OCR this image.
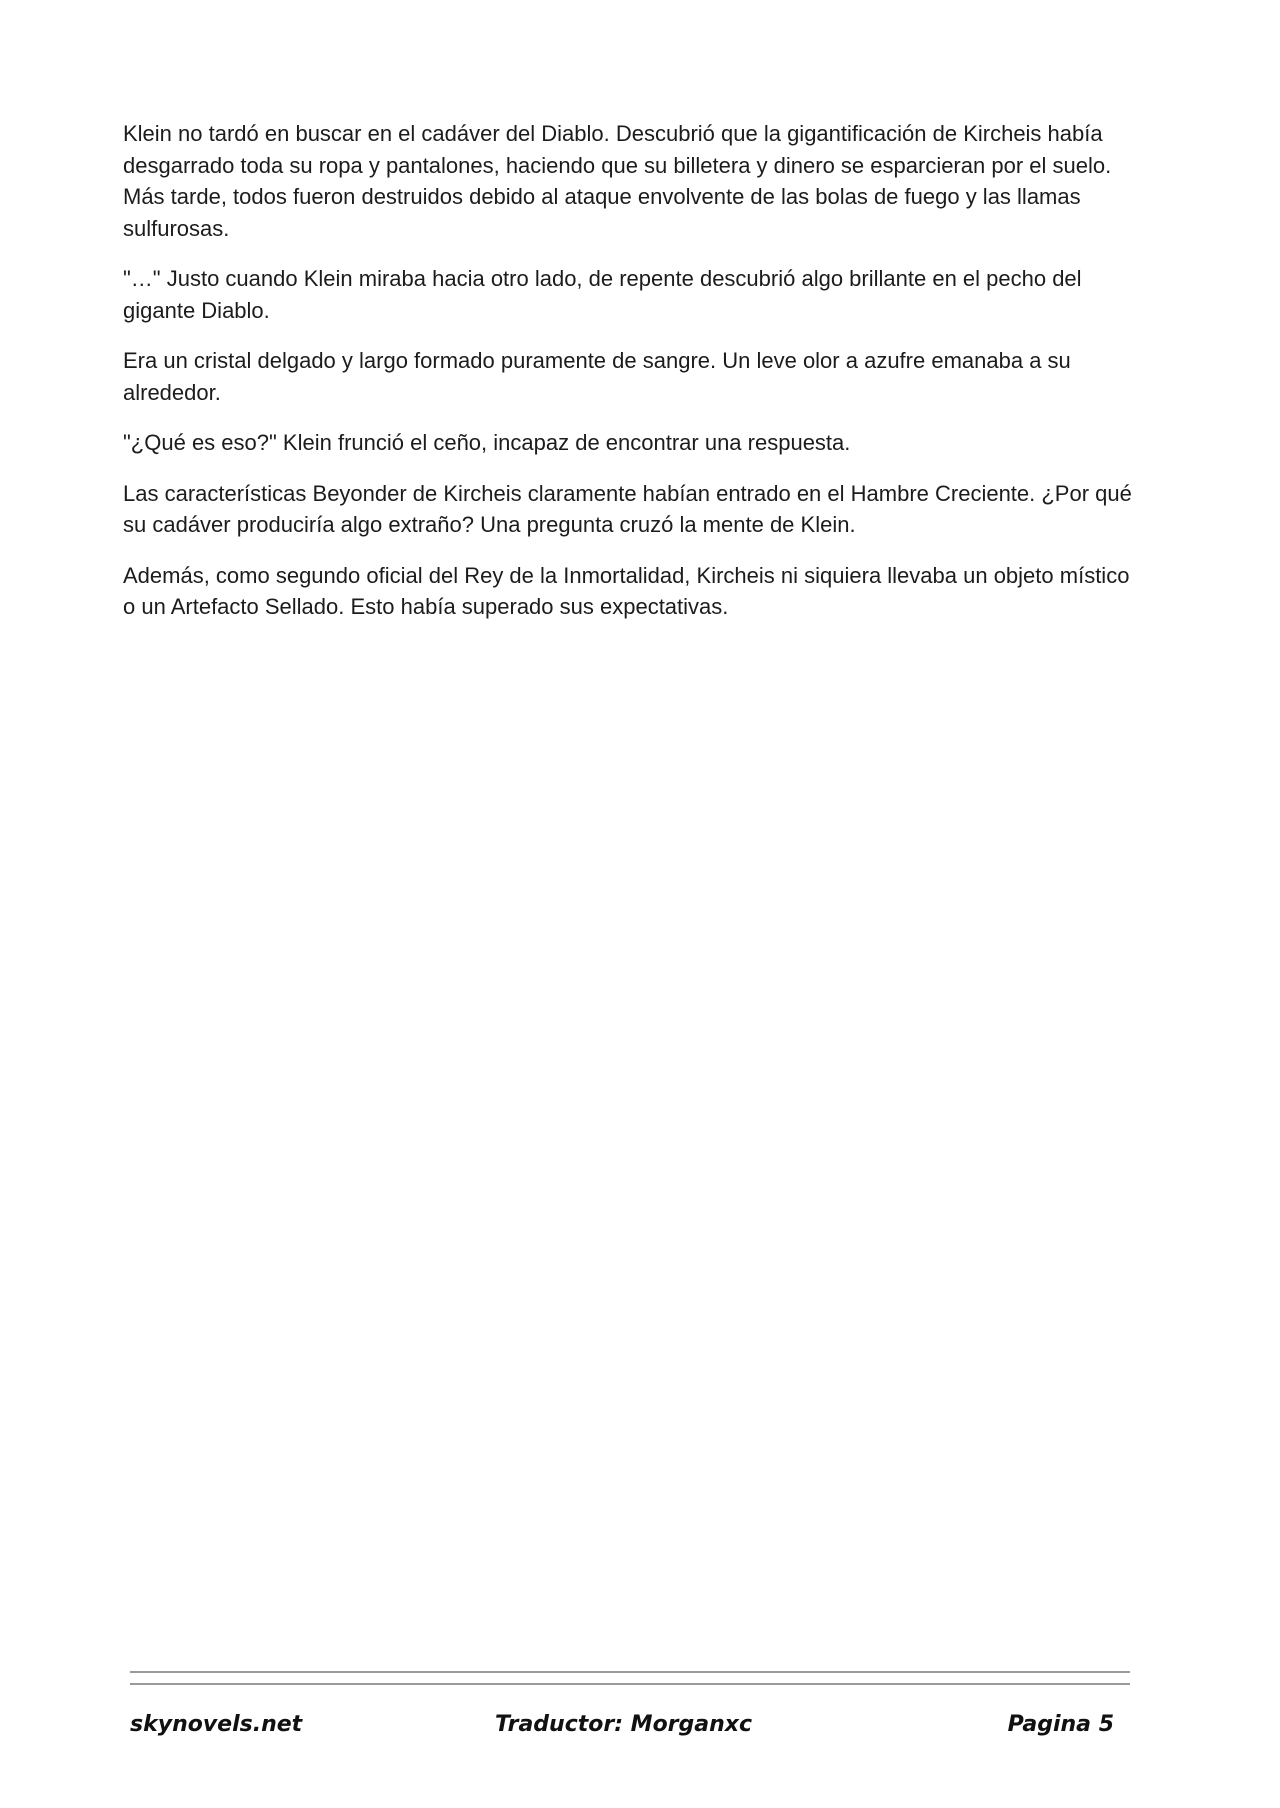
Klein no tardó en buscar en el cadáver del Diablo. Descubrió que la gigantificación de Kircheis había desgarrado toda su ropa y pantalones, haciendo que su billetera y dinero se esparcieran por el suelo. Más tarde, todos fueron destruidos debido al ataque envolvente de las bolas de fuego y las llamas sulfurosas.

"…" Justo cuando Klein miraba hacia otro lado, de repente descubrió algo brillante en el pecho del gigante Diablo.

Era un cristal delgado y largo formado puramente de sangre. Un leve olor a azufre emanaba a su alrededor.

"¿Qué es eso?" Klein frunció el ceño, incapaz de encontrar una respuesta.

Las características Beyonder de Kircheis claramente habían entrado en el Hambre Creciente. ¿Por qué su cadáver produciría algo extraño? Una pregunta cruzó la mente de Klein.

Además, como segundo oficial del Rey de la Inmortalidad, Kircheis ni siquiera llevaba un objeto místico o un Artefacto Sellado. Esto había superado sus expectativas.

skynovels.net	Traductor: Morganxc	Pagina 5
